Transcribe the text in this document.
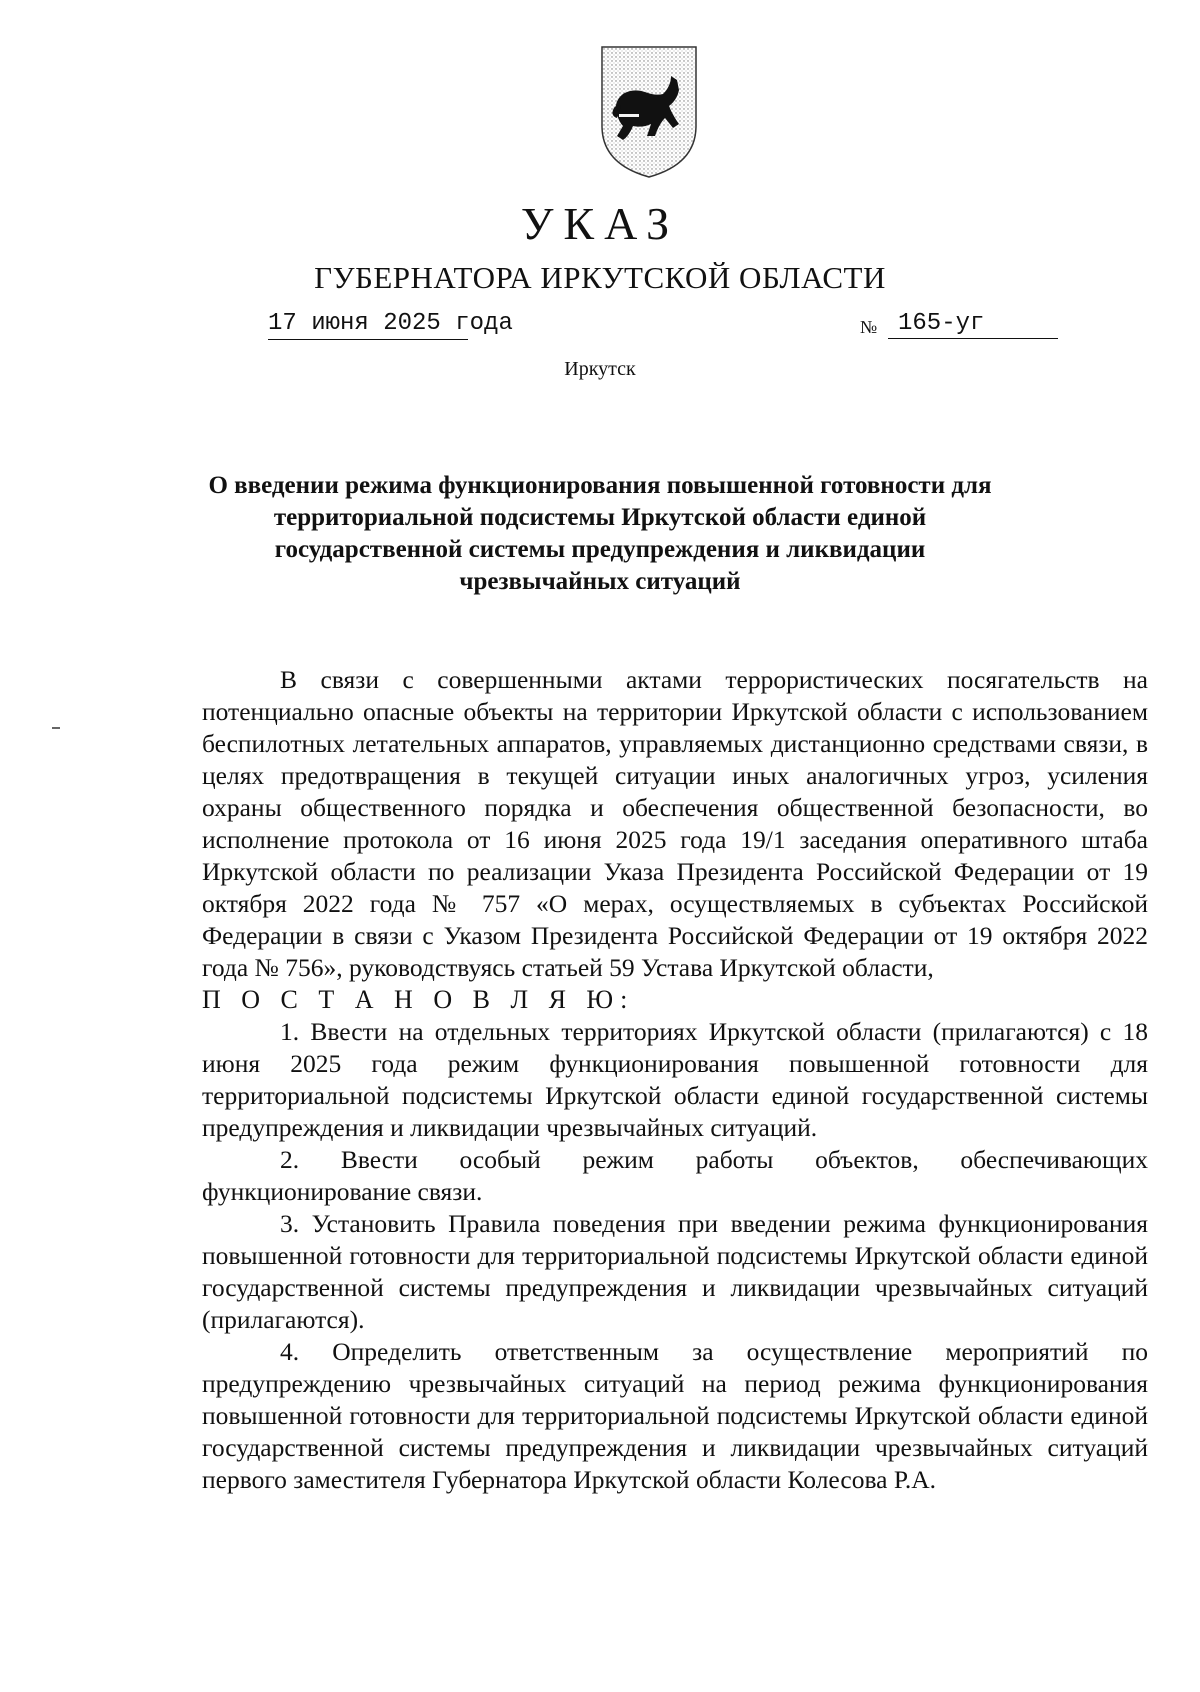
УКАЗ
ГУБЕРНАТОРА ИРКУТСКОЙ ОБЛАСТИ
17 июня 2025 года	№ 165-уг
Иркутск
О введении режима функционирования повышенной готовности для территориальной подсистемы Иркутской области единой государственной системы предупреждения и ликвидации чрезвычайных ситуаций

В связи с совершенными актами террористических посягательств на потенциально опасные объекты на территории Иркутской области с использованием беспилотных летательных аппаратов, управляемых дистанционно средствами связи, в целях предотвращения в текущей ситуации иных аналогичных угроз, усиления охраны общественного порядка и обеспечения общественной безопасности, во исполнение протокола от 16 июня 2025 года 19/1 заседания оперативного штаба Иркутской области по реализации Указа Президента Российской Федерации от 19 октября 2022 года № 757 «О мерах, осуществляемых в субъектах Российской Федерации в связи с Указом Президента Российской Федерации от 19 октября 2022 года № 756», руководствуясь статьей 59 Устава Иркутской области,

П О С Т А Н О В Л Я Ю:

1. Ввести на отдельных территориях Иркутской области (прилагаются) с 18 июня 2025 года режим функционирования повышенной готовности для территориальной подсистемы Иркутской области единой государственной системы предупреждения и ликвидации чрезвычайных ситуаций.

2. Ввести особый режим работы объектов, обеспечивающих функционирование связи.

3. Установить Правила поведения при введении режима функционирования повышенной готовности для территориальной подсистемы Иркутской области единой государственной системы предупреждения и ликвидации чрезвычайных ситуаций (прилагаются).

4. Определить ответственным за осуществление мероприятий по предупреждению чрезвычайных ситуаций на период режима функционирования повышенной готовности для территориальной подсистемы Иркутской области единой государственной системы предупреждения и ликвидации чрезвычайных ситуаций первого заместителя Губернатора Иркутской области Колесова Р.А.
